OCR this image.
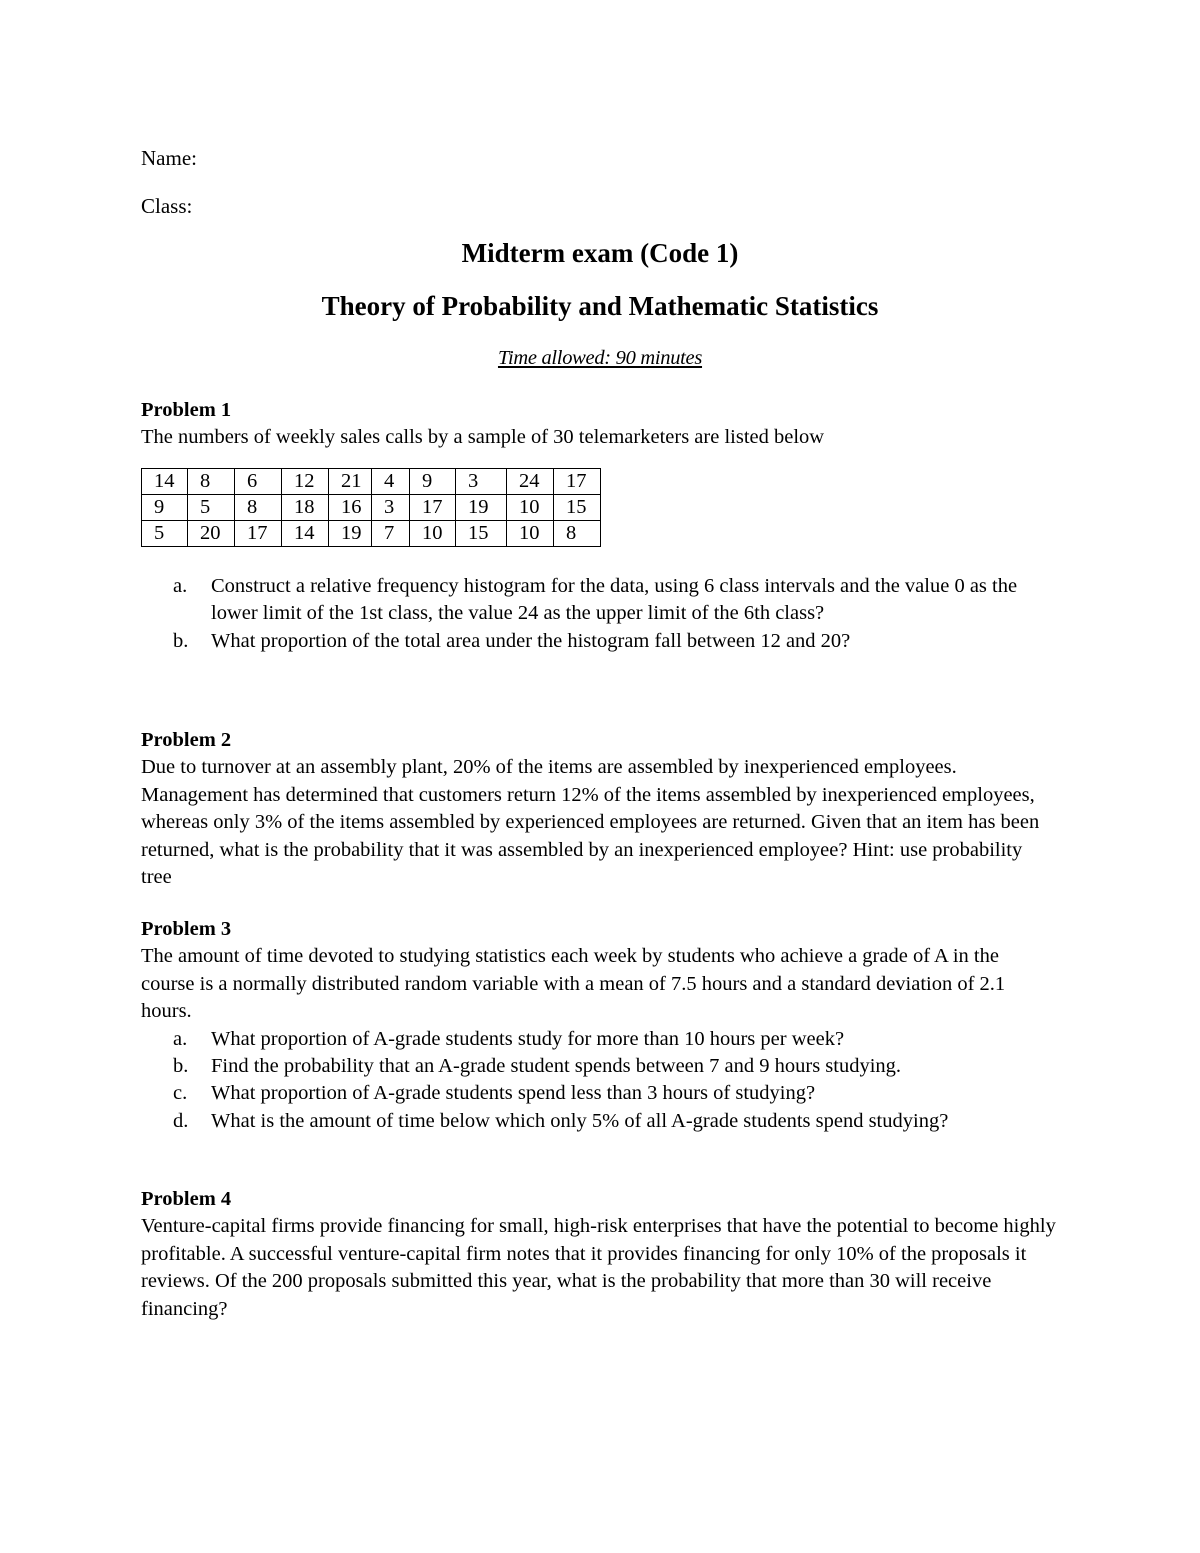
Name:
Class:
Midterm exam (Code 1)
Theory of Probability and Mathematic Statistics
Time allowed: 90 minutes

Problem 1

The numbers of weekly sales calls by a sample of 30 telemarketers are listed below

14	8	6	12	21	4	9	3	24	17
9	5	8	18	16	3	17	19	10	15
5	20	17	14	19	7	10	15	10	8
a. Construct a relative frequency histogram for the data, using 6 class intervals and the value 0 as the lower limit of the 1st class, the value 24 as the upper limit of the 6th class?
b. What proportion of the total area under the histogram fall between 12 and 20?

Problem 2

Due to turnover at an assembly plant, 20% of the items are assembled by inexperienced employees. Management has determined that customers return 12% of the items assembled by inexperienced employees, whereas only 3% of the items assembled by experienced employees are returned. Given that an item has been returned, what is the probability that it was assembled by an inexperienced employee? Hint: use probability tree

Problem 3

The amount of time devoted to studying statistics each week by students who achieve a grade of A in the course is a normally distributed random variable with a mean of 7.5 hours and a standard deviation of 2.1 hours.

a. What proportion of A-grade students study for more than 10 hours per week?
b. Find the probability that an A-grade student spends between 7 and 9 hours studying.
c. What proportion of A-grade students spend less than 3 hours of studying?
d. What is the amount of time below which only 5% of all A-grade students spend studying?

Problem 4

Venture-capital firms provide financing for small, high-risk enterprises that have the potential to become highly profitable. A successful venture-capital firm notes that it provides financing for only 10% of the proposals it reviews. Of the 200 proposals submitted this year, what is the probability that more than 30 will receive financing?
